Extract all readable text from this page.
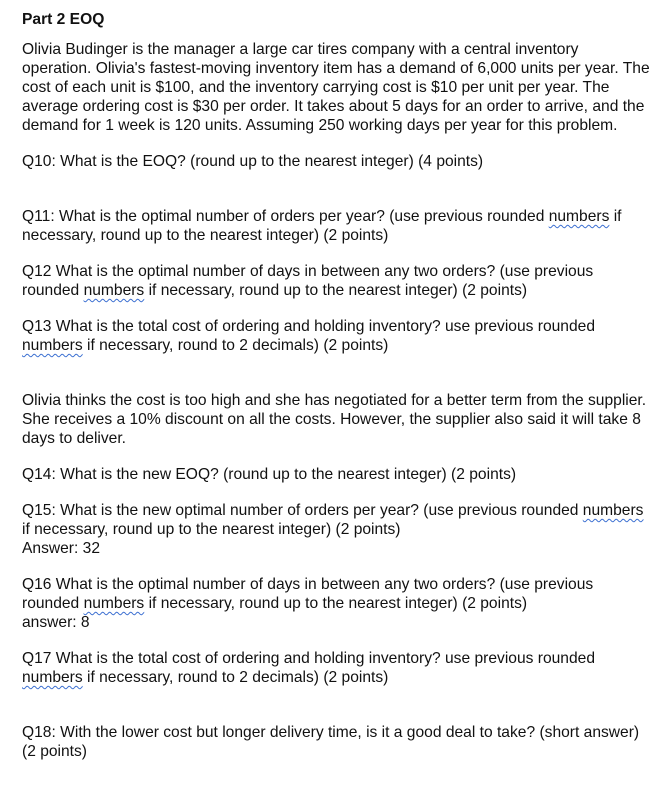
Part 2 EOQ

Olivia Budinger is the manager a large car tires company with a central inventory operation. Olivia's fastest-moving inventory item has a demand of 6,000 units per year. The cost of each unit is $100, and the inventory carrying cost is $10 per unit per year. The average ordering cost is $30 per order. It takes about 5 days for an order to arrive, and the demand for 1 week is 120 units. Assuming 250 working days per year for this problem.

Q10: What is the EOQ? (round up to the nearest integer) (4 points)

Q11: What is the optimal number of orders per year? (use previous rounded numbers if necessary, round up to the nearest integer) (2 points)

Q12 What is the optimal number of days in between any two orders? (use previous rounded numbers if necessary, round up to the nearest integer) (2 points)

Q13 What is the total cost of ordering and holding inventory? use previous rounded numbers if necessary, round to 2 decimals) (2 points)

Olivia thinks the cost is too high and she has negotiated for a better term from the supplier. She receives a 10% discount on all the costs. However, the supplier also said it will take 8 days to deliver.

Q14: What is the new EOQ? (round up to the nearest integer) (2 points)

Q15: What is the new optimal number of orders per year? (use previous rounded numbers if necessary, round up to the nearest integer) (2 points)

Answer: 32

Q16 What is the optimal number of days in between any two orders? (use previous rounded numbers if necessary, round up to the nearest integer) (2 points)

answer: 8

Q17 What is the total cost of ordering and holding inventory? use previous rounded numbers if necessary, round to 2 decimals) (2 points)

Q18: With the lower cost but longer delivery time, is it a good deal to take? (short answer) (2 points)
